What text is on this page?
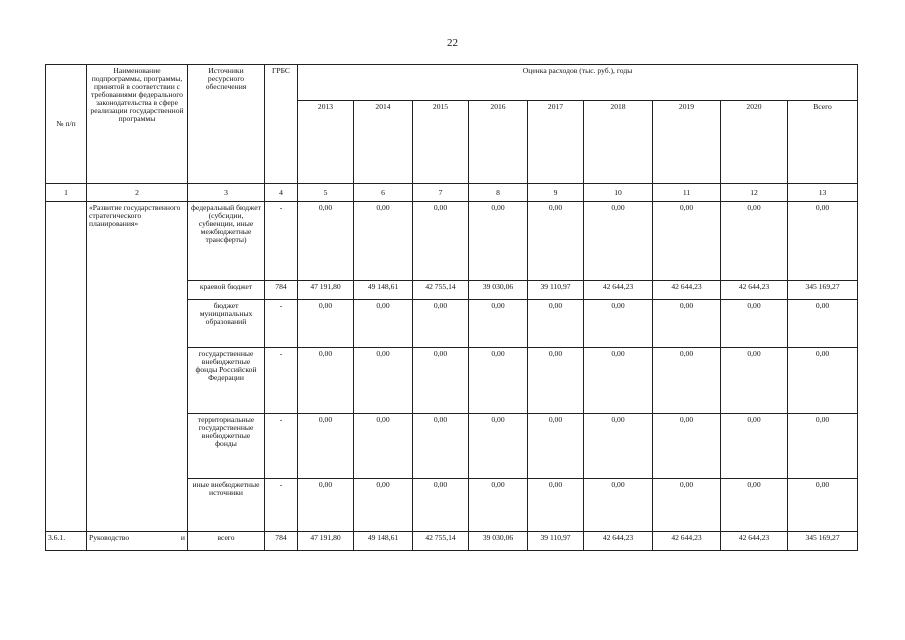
22
№ п/п	Наименование подпрограммы, программы, принятой в соответствии с требованиями федерального законодательства в сфере реализации государственной программы	Источники ресурсного обеспечения	ГРБС	Оценка расходов (тыс. руб.), годы								
				2013	2014	2015	2016	2017	2018	2019	2020	Всего
1	2	3	4	5	6	7	8	9	10	11	12	13
	«Развитие государственного стратегического планирования»	федеральный бюджет (субсидии, субвенции, иные межбюджетные трансферты)	-	0,00	0,00	0,00	0,00	0,00	0,00	0,00	0,00	0,00
		краевой бюджет	784	47 191,80	49 148,61	42 755,14	39 030,06	39 110,97	42 644,23	42 644,23	42 644,23	345 169,27
		бюджет муниципальных образований	-	0,00	0,00	0,00	0,00	0,00	0,00	0,00	0,00	0,00
		государственные внебюджетные фонды Российской Федерации	-	0,00	0,00	0,00	0,00	0,00	0,00	0,00	0,00	0,00
		территориальные государственные внебюджетные фонды	-	0,00	0,00	0,00	0,00	0,00	0,00	0,00	0,00	0,00
		иные внебюджетные источники	-	0,00	0,00	0,00	0,00	0,00	0,00	0,00	0,00	0,00
3.6.1.	Руководство и	всего	784	47 191,80	49 148,61	42 755,14	39 030,06	39 110,97	42 644,23	42 644,23	42 644,23	345 169,27
